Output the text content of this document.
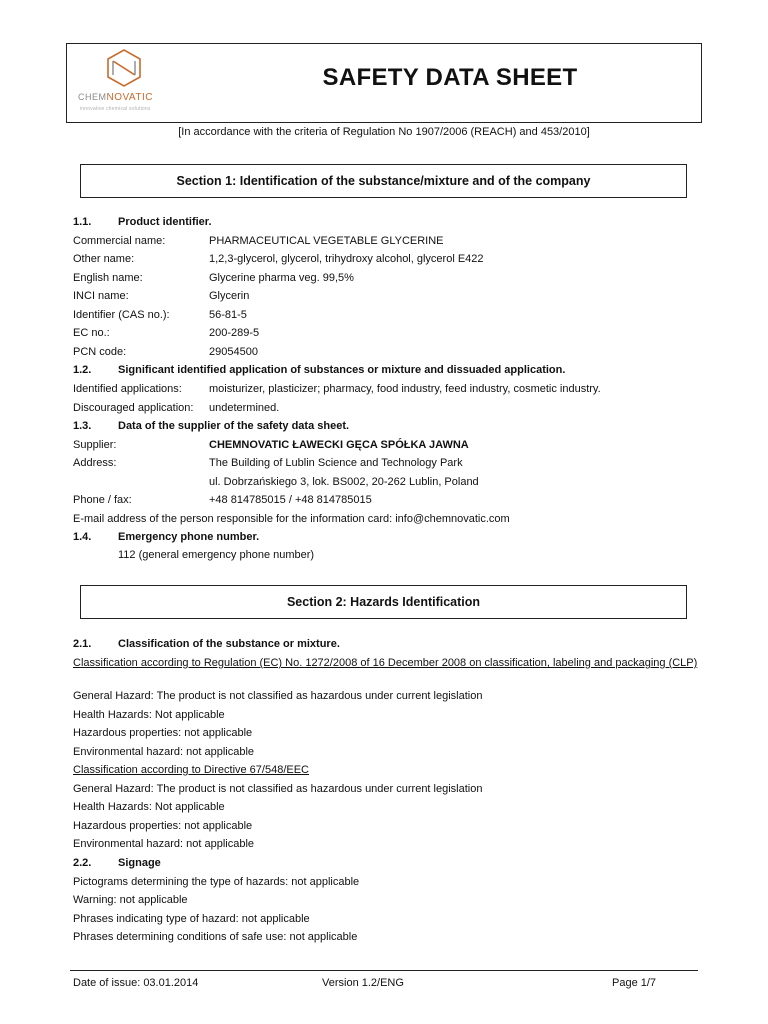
CHEMNOVATIC
innovative chemical solutions
SAFETY DATA SHEET
[In accordance with the criteria of Regulation No 1907/2006 (REACH) and 453/2010]
Section 1: Identification of the substance/mixture and of the company
1.1. Product identifier.
Commercial name:	PHARMACEUTICAL VEGETABLE GLYCERINE
Other name:	1,2,3-glycerol, glycerol, trihydroxy alcohol, glycerol E422
English name:	Glycerine pharma veg. 99,5%
INCI name:	Glycerin
Identifier (CAS no.):	56-81-5
EC no.:	200-289-5
PCN code:	29054500
1.2. Significant identified application of substances or mixture and dissuaded application.
Identified applications: moisturizer, plasticizer; pharmacy, food industry, feed industry, cosmetic industry.
Discouraged application: undetermined.
1.3. Data of the supplier of the safety data sheet.
Supplier:	CHEMNOVATIC ŁAWECKI GĘCA SPÓŁKA JAWNA
Address:	The Building of Lublin Science and Technology Park
ul. Dobrzańskiego 3, lok. BS002, 20-262 Lublin, Poland
Phone / fax:	+48 814785015 / +48 814785015
E-mail address of the person responsible for the information card: info@chemnovatic.com
1.4. Emergency phone number.
112 (general emergency phone number)
Section 2: Hazards Identification
2.1. Classification of the substance or mixture.
Classification according to Regulation (EC) No. 1272/2008 of 16 December 2008 on classification, labeling and packaging (CLP)
General Hazard: The product is not classified as hazardous under current legislation
Health Hazards: Not applicable
Hazardous properties: not applicable
Environmental hazard: not applicable
Classification according to Directive 67/548/EEC
General Hazard: The product is not classified as hazardous under current legislation
Health Hazards: Not applicable
Hazardous properties: not applicable
Environmental hazard: not applicable
2.2. Signage
Pictograms determining the type of hazards: not applicable
Warning: not applicable
Phrases indicating type of hazard: not applicable
Phrases determining conditions of safe use: not applicable
Date of issue: 03.01.2014	Version 1.2/ENG	Page 1/7
